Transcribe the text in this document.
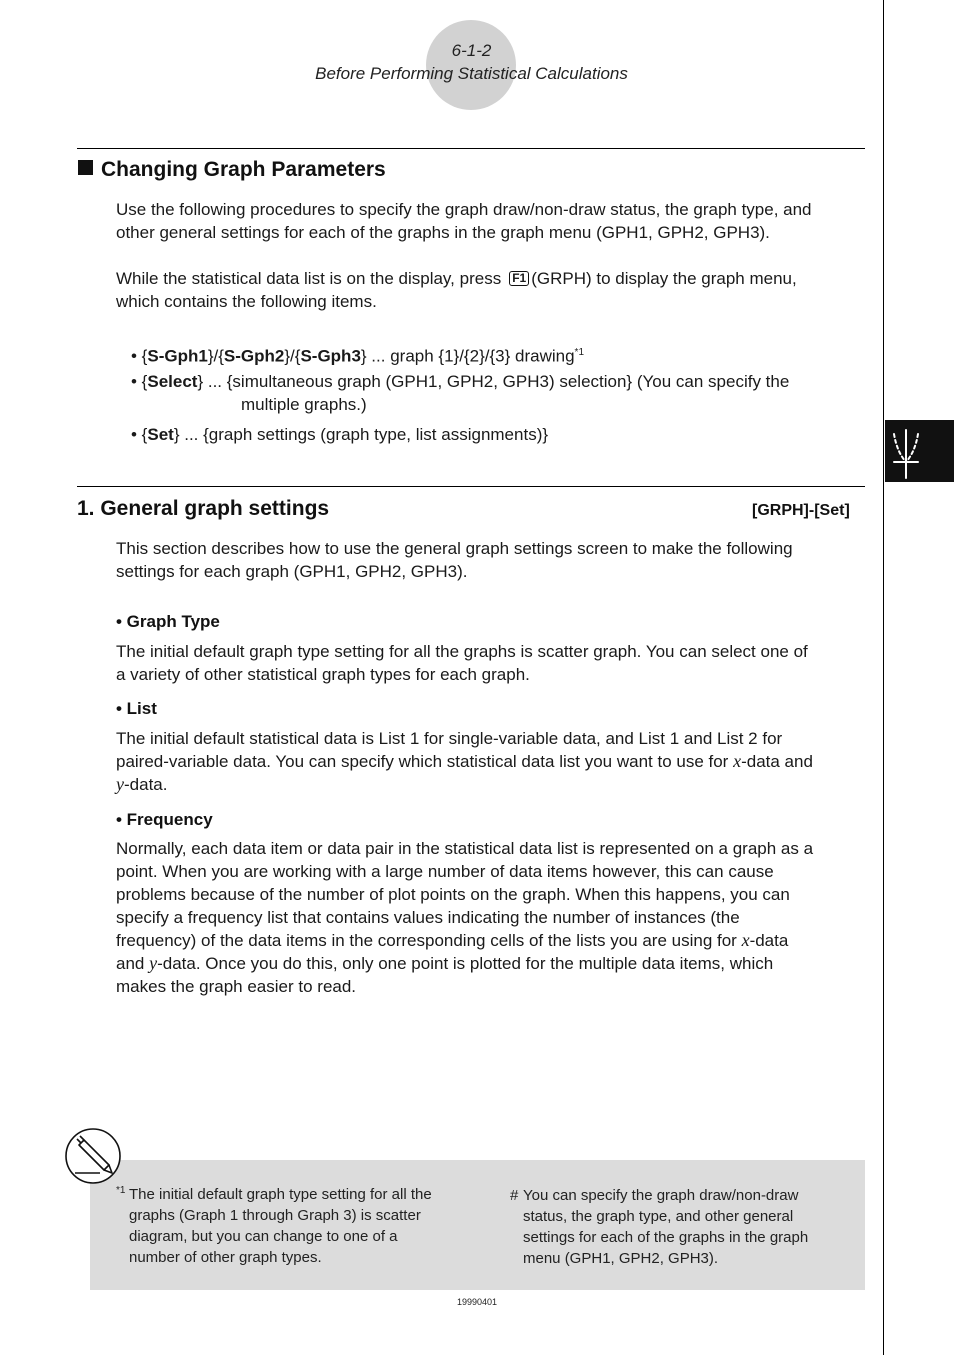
6-1-2
Before Performing Statistical Calculations
Changing Graph Parameters
Use the following procedures to specify the graph draw/non-draw status, the graph type, and
other general settings for each of the graphs in the graph menu (GPH1, GPH2, GPH3).
While the statistical data list is on the display, press F1 (GRPH) to display the graph menu,
which contains the following items.
• {S-Gph1}/{S-Gph2}/{S-Gph3} ... graph {1}/{2}/{3} drawing$^{*1}$
• {Select} ... {simultaneous graph (GPH1, GPH2, GPH3) selection} (You can specify the
multiple graphs.)
• {Set} ... {graph settings (graph type, list assignments)}
1. General graph settings	[GRPH]-[Set]
This section describes how to use the general graph settings screen to make the following
settings for each graph (GPH1, GPH2, GPH3).
• Graph Type
The initial default graph type setting for all the graphs is scatter graph. You can select one of
a variety of other statistical graph types for each graph.
• List
The initial default statistical data is List 1 for single-variable data, and List 1 and List 2 for
paired-variable data. You can specify which statistical data list you want to use for x-data and
y-data.
• Frequency
Normally, each data item or data pair in the statistical data list is represented on a graph as a
point. When you are working with a large number of data items however, this can cause
problems because of the number of plot points on the graph. When this happens, you can
specify a frequency list that contains values indicating the number of instances (the
frequency) of the data items in the corresponding cells of the lists you are using for x-data
and y-data. Once you do this, only one point is plotted for the multiple data items, which
makes the graph easier to read.
*1 The initial default graph type setting for all the
graphs (Graph 1 through Graph 3) is scatter
diagram, but you can change to one of a
number of other graph types.
# You can specify the graph draw/non-draw
status, the graph type, and other general
settings for each of the graphs in the graph
menu (GPH1, GPH2, GPH3).
19990401
